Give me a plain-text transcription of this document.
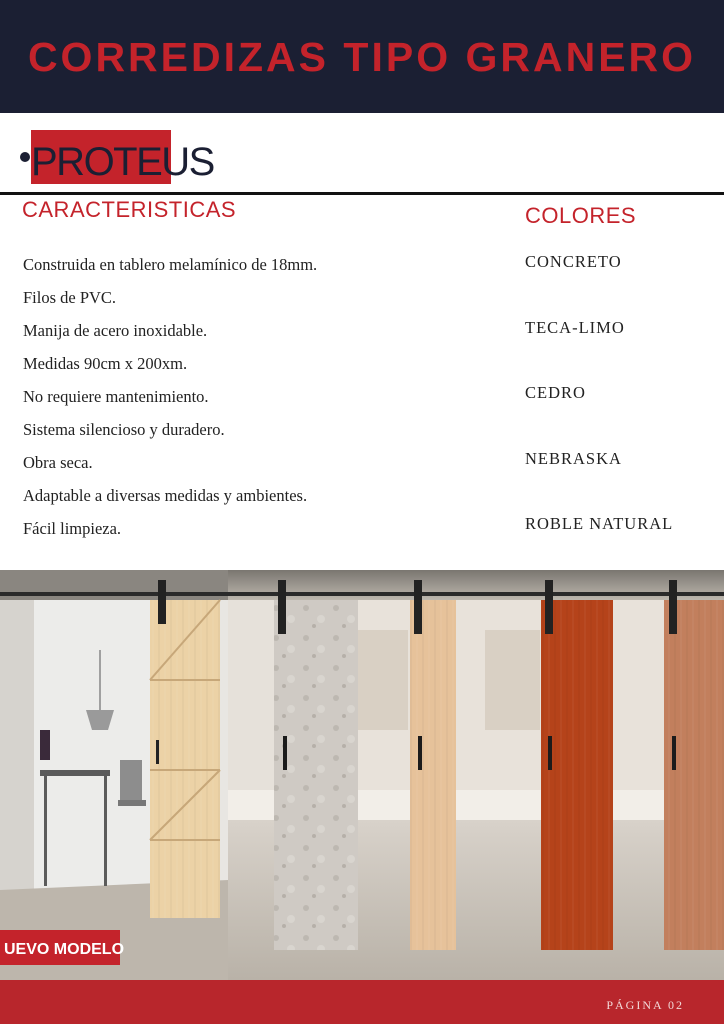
CORREDIZAS TIPO GRANERO
PROTEUS
CARACTERISTICAS	COLORES
Construida en tablero melamínico de 18mm.
Filos de PVC.
Manija de acero inoxidable.
Medidas 90cm x 200xm.
No requiere mantenimiento.
Sistema silencioso y duradero.
Obra seca.
Adaptable a diversas medidas y ambientes.
Fácil limpieza.
CONCRETO
TECA-LIMO
CEDRO
NEBRASKA
ROBLE NATURAL
UEVO MODELO
PÁGINA 02
